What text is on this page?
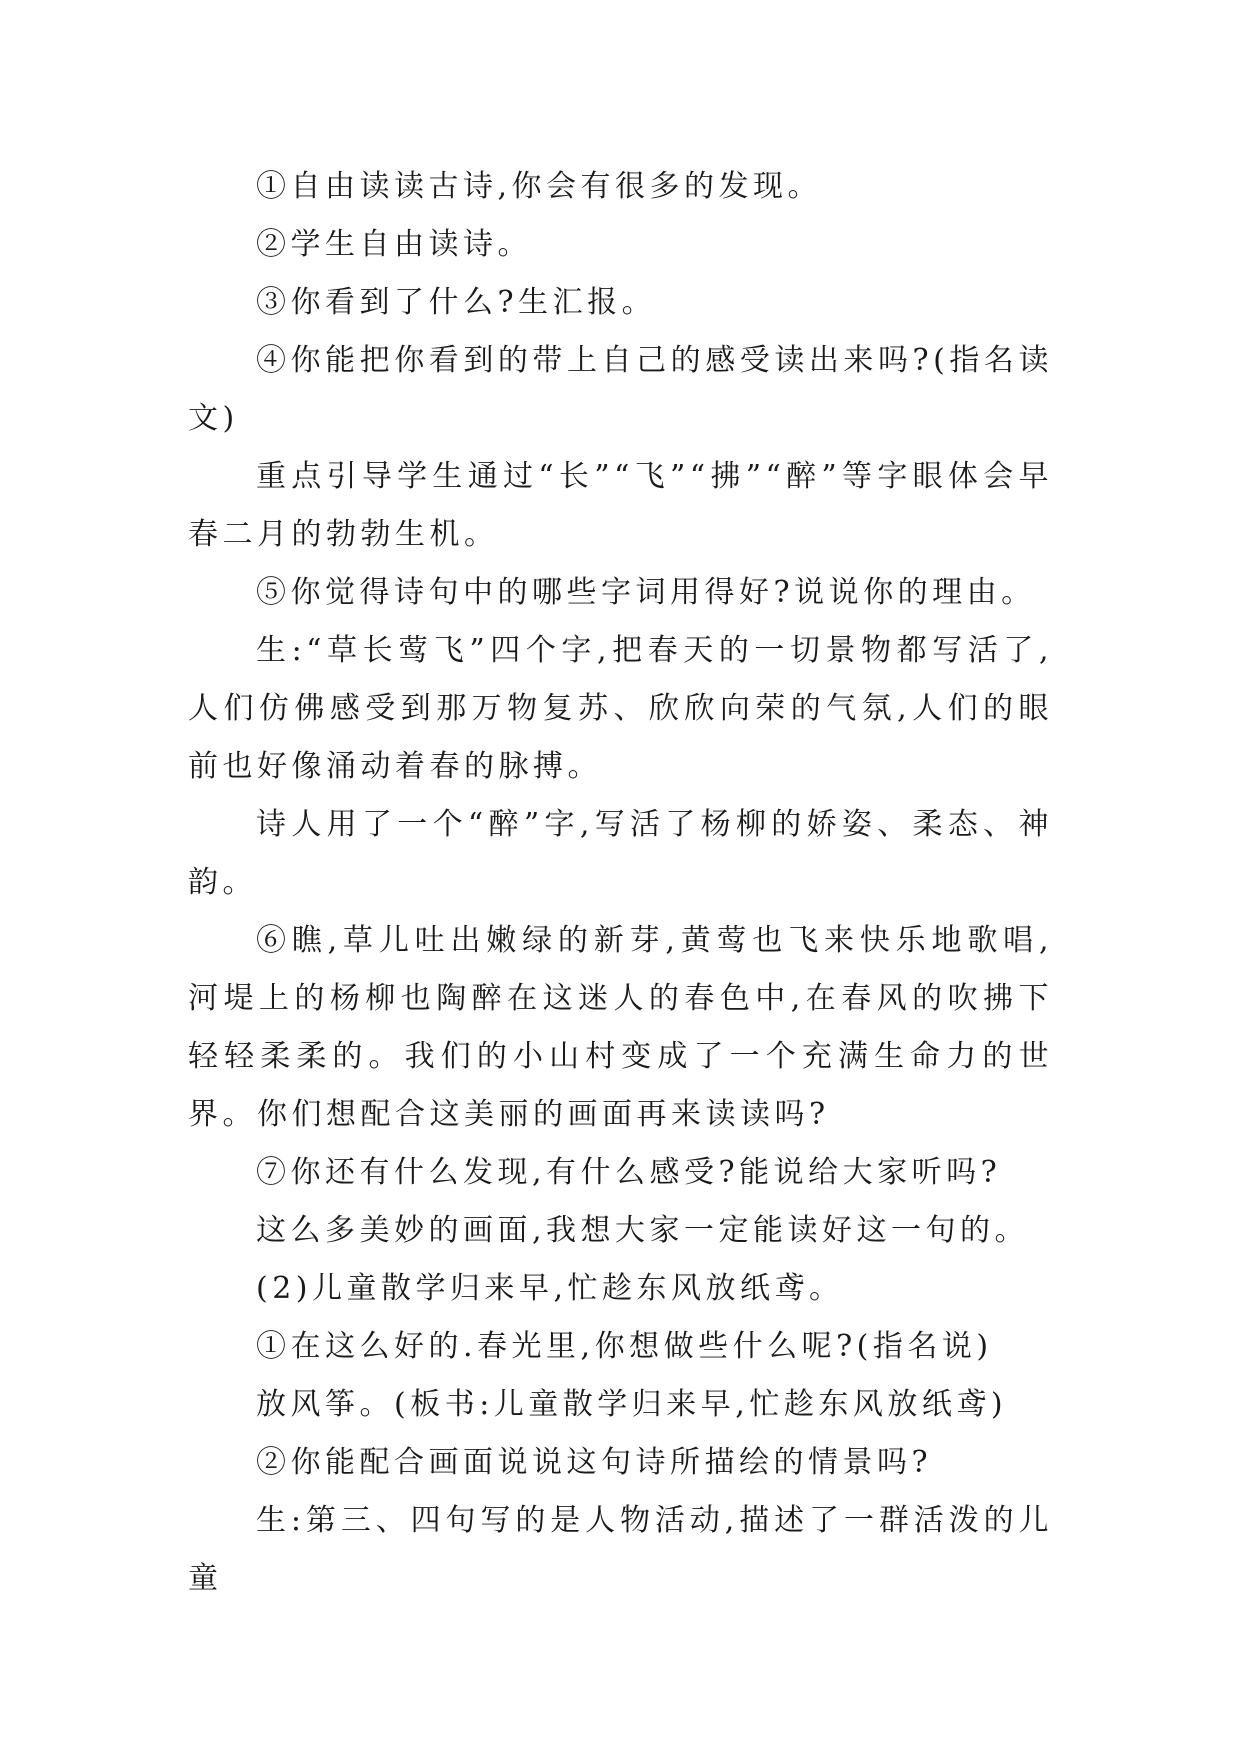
①自由读读古诗,你会有很多的发现。

②学生自由读诗。

③你看到了什么?生汇报。

④你能把你看到的带上自己的感受读出来吗?(指名读文)

重点引导学生通过“长”“飞”“拂”“醉”等字眼体会早春二月的勃勃生机。

⑤你觉得诗句中的哪些字词用得好?说说你的理由。

生:“草长莺飞”四个字,把春天的一切景物都写活了,人们仿佛感受到那万物复苏、欣欣向荣的气氛,人们的眼前也好像涌动着春的脉搏。

诗人用了一个“醉”字,写活了杨柳的娇姿、柔态、神韵。

⑥瞧,草儿吐出嫩绿的新芽,黄莺也飞来快乐地歌唱,河堤上的杨柳也陶醉在这迷人的春色中,在春风的吹拂下轻轻柔柔的。我们的小山村变成了一个充满生命力的世界。你们想配合这美丽的画面再来读读吗?

⑦你还有什么发现,有什么感受?能说给大家听吗?

这么多美妙的画面,我想大家一定能读好这一句的。

(2)儿童散学归来早,忙趁东风放纸鸢。

①在这么好的.春光里,你想做些什么呢?(指名说)

放风筝。(板书:儿童散学归来早,忙趁东风放纸鸢)

②你能配合画面说说这句诗所描绘的情景吗?

生:第三、四句写的是人物活动,描述了一群活泼的儿童
